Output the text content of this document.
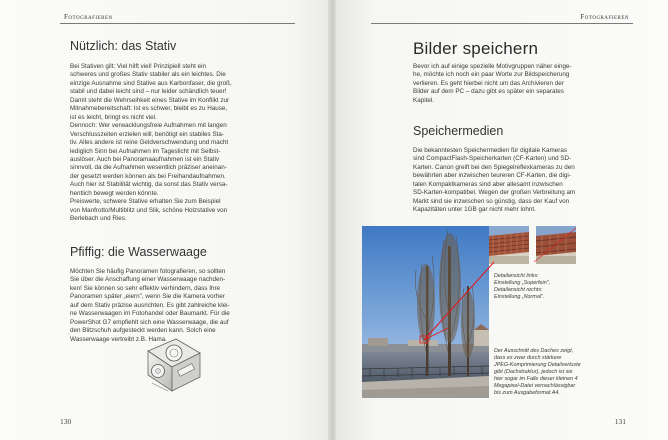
Fotografieren
Nützlich: das Stativ
Bei Stativen gilt: Viel hilft viel! Prinzipiell steht ein
schweres und großes Stativ stabiler als ein leichtes. Die
einzige Ausnahme sind Stative aus Karbonfaser, die groß,
stabil und dabei leicht sind – nur leider schändlich teuer!
Damit steht die Wehrseihkeit eines Stative im Konflikt zur
Mitnahmebereitschaft: Ist es schwer, bleibt es zu Hause,
ist es leicht, bringt es nicht viel.
Dennoch: Wer verwacklungsfreie Aufnahmen mit langen
Verschlusszeiten erzielen will, benötigt ein stabiles Sta-
tiv. Alles andere ist reine Geldverschwendung und macht
lediglich Sinn bei Aufnahmen im Tageslicht mit Selbst-
auslöser. Auch bei Panoramaaufnahmen ist ein Stativ
sinnvoll, da die Aufnahmen wesentlich präziser aneinan-
der gesetzt werden können als bei Freihandaufnahmen.
Auch hier ist Stabilität wichtig, da sonst das Stativ versa-
hentlich bewegt werden könnte.
Preiswerte, schwere Stative erhalten Sie zum Beispiel
von Manfrotto/Multiblitz und Slik, schöne Holzstative von
Berlebach und Ries.
Pfiffig: die Wasserwaage
Möchten Sie häufig Panoramen fotografieren, so sollten
Sie über die Anschaffung einer Wasserwaage nachden-
ken! Sie können so sehr effektiv verhindern, dass Ihre
Panoramen später „eiern", wenn Sie die Kamera vorher
auf dem Stativ präzise ausrichten. Es gibt zahlreiche klei-
ne Wasserwaagen im Fotohandel oder Baumarkt. Für die
PowerShot G7 empfiehlt sich eine Wasserwaage, die auf
den Blitzschuh aufgesteckt werden kann. Solch eine
Wasserwaage vertreibt z.B. Hama.
130
Fotografieren
Bilder speichern
Bevor ich auf einige spezielle Motivgruppen näher einge-
he, möchte ich noch ein paar Worte zur Bildspeicherung
verlieren. Es geht hierbei nicht um das Archivieren der
Bilder auf dem PC – dazu gibt es später ein separates
Kapitel.
Speichermedien
Die bekanntesten Speichermedien für digitale Kameras
sind CompactFlash-Speicherkarten (CF-Karten) und SD-
Karten. Canon greift bei den Spiegelreflexkameras zu den
bewährten aber inzwischen teureren CF-Karten, die digi-
talen Kompaktkameras sind aber allesamt inzwischen
SD-Karten-kompatibel. Wegen der großen Verbreitung am
Markt sind sie inzwischen so günstig, dass der Kauf von
Kapazitäten unter 1GB gar nicht mehr lohnt.
Detailansicht links:
Einstellung „Superfein",
Detailansicht rechts:
Einstellung „Normal".
Der Ausschnitt des Daches zeigt,
dass es zwar durch stärkere
JPEG-Komprimierung Detailverluste
gibt (Dachstruktur), jedoch ist sie
hier sogar im Falle dieser kleinen 4
Megapixel-Datei vernachlässigbar
bis zum Ausgabeformat A4.
131
